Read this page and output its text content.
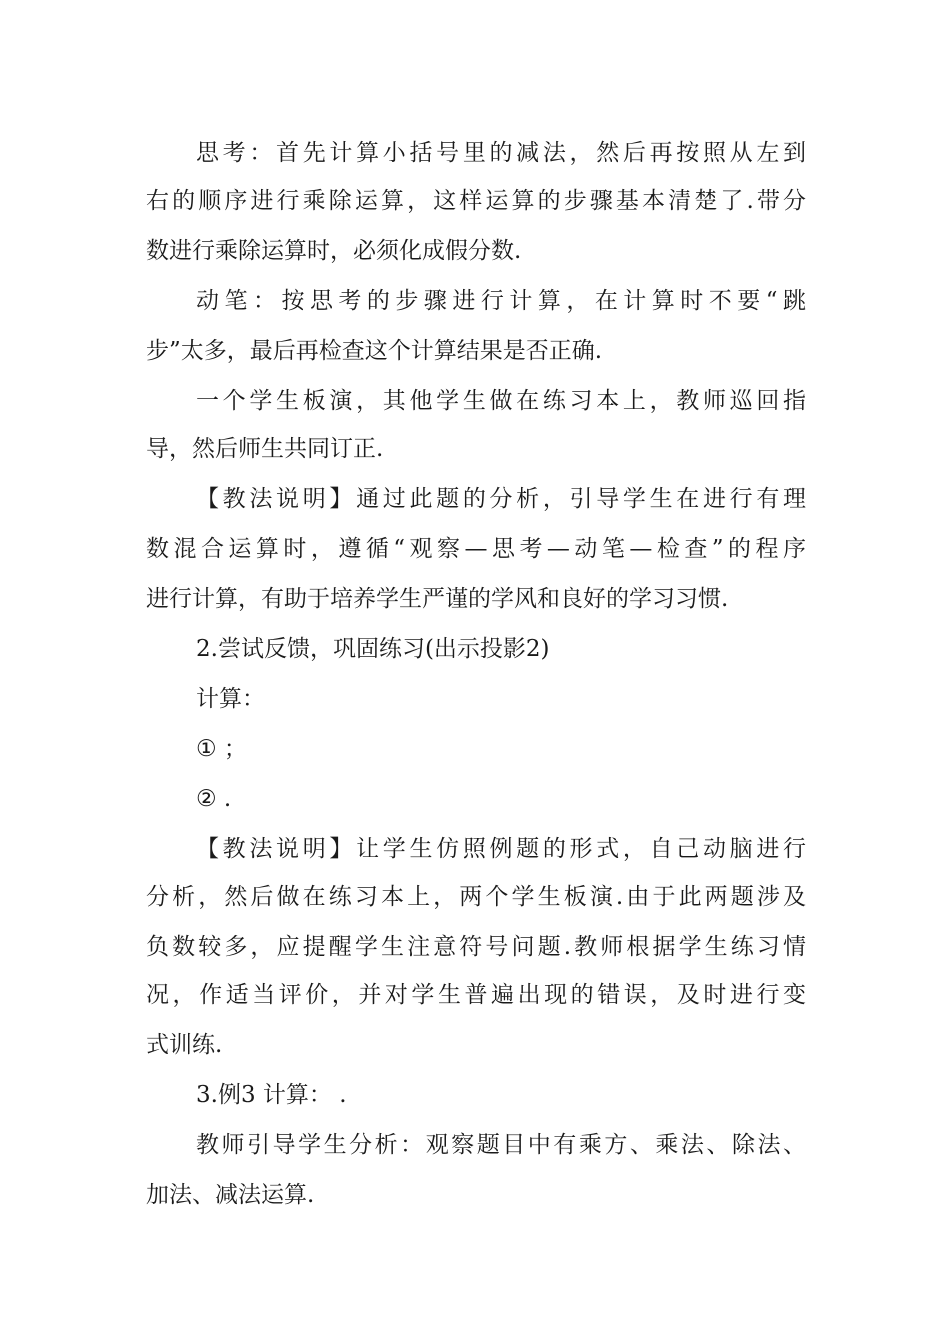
思考：首先计算小括号里的减法，然后再按照从左到
右的顺序进行乘除运算，这样运算的步骤基本清楚了.带分
数进行乘除运算时，必须化成假分数.
动笔：按思考的步骤进行计算，在计算时不要“跳
步”太多，最后再检查这个计算结果是否正确.
一个学生板演，其他学生做在练习本上，教师巡回指
导，然后师生共同订正.
【教法说明】通过此题的分析，引导学生在进行有理
数混合运算时，遵循“观察—思考—动笔—检查”的程序
进行计算，有助于培养学生严谨的学风和良好的学习习惯.
2.尝试反馈，巩固练习(出示投影2)
计算：
① ；
② .
【教法说明】让学生仿照例题的形式，自己动脑进行
分析，然后做在练习本上，两个学生板演.由于此两题涉及
负数较多，应提醒学生注意符号问题.教师根据学生练习情
况，作适当评价，并对学生普遍出现的错误，及时进行变
式训练.
3.例3 计算： .
教师引导学生分析：观察题目中有乘方、乘法、除法、
加法、减法运算.
